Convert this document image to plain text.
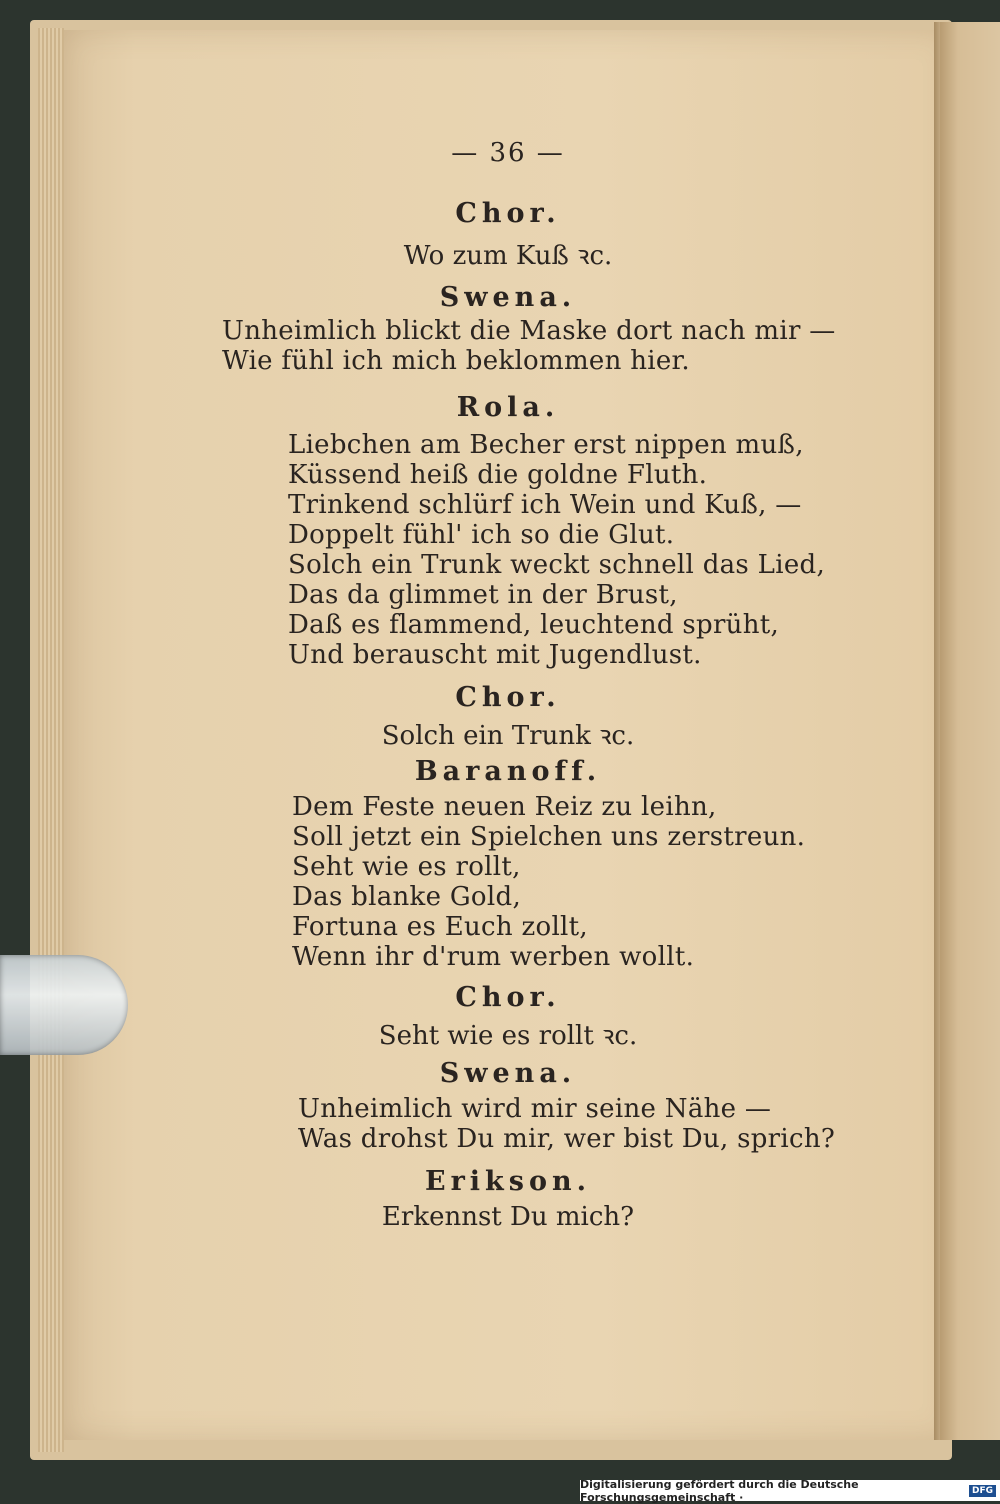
— 36 —
Chor.
Wo zum Kuß ꝛc.
Swena.
Unheimlich blickt die Maske dort nach mir —
Wie fühl ich mich beklommen hier.
Rola.
Liebchen am Becher erst nippen muß,
Küssend heiß die goldne Fluth.
Trinkend schlürf ich Wein und Kuß, —
Doppelt fühl' ich so die Glut.
Solch ein Trunk weckt schnell das Lied,
Das da glimmet in der Brust,
Daß es flammend, leuchtend sprüht,
Und berauscht mit Jugendlust.
Chor.
Solch ein Trunk ꝛc.
Baranoff.
Dem Feste neuen Reiz zu leihn,
Soll jetzt ein Spielchen uns zerstreun.
Seht wie es rollt,
Das blanke Gold,
Fortuna es Euch zollt,
Wenn ihr d'rum werben wollt.
Chor.
Seht wie es rollt ꝛc.
Swena.
Unheimlich wird mir seine Nähe —
Was drohst Du mir, wer bist Du, sprich?
Erikson.
Erkennst Du mich?
Digitalisierung gefördert durch die Deutsche Forschungsgemeinschaft ·	DFG
